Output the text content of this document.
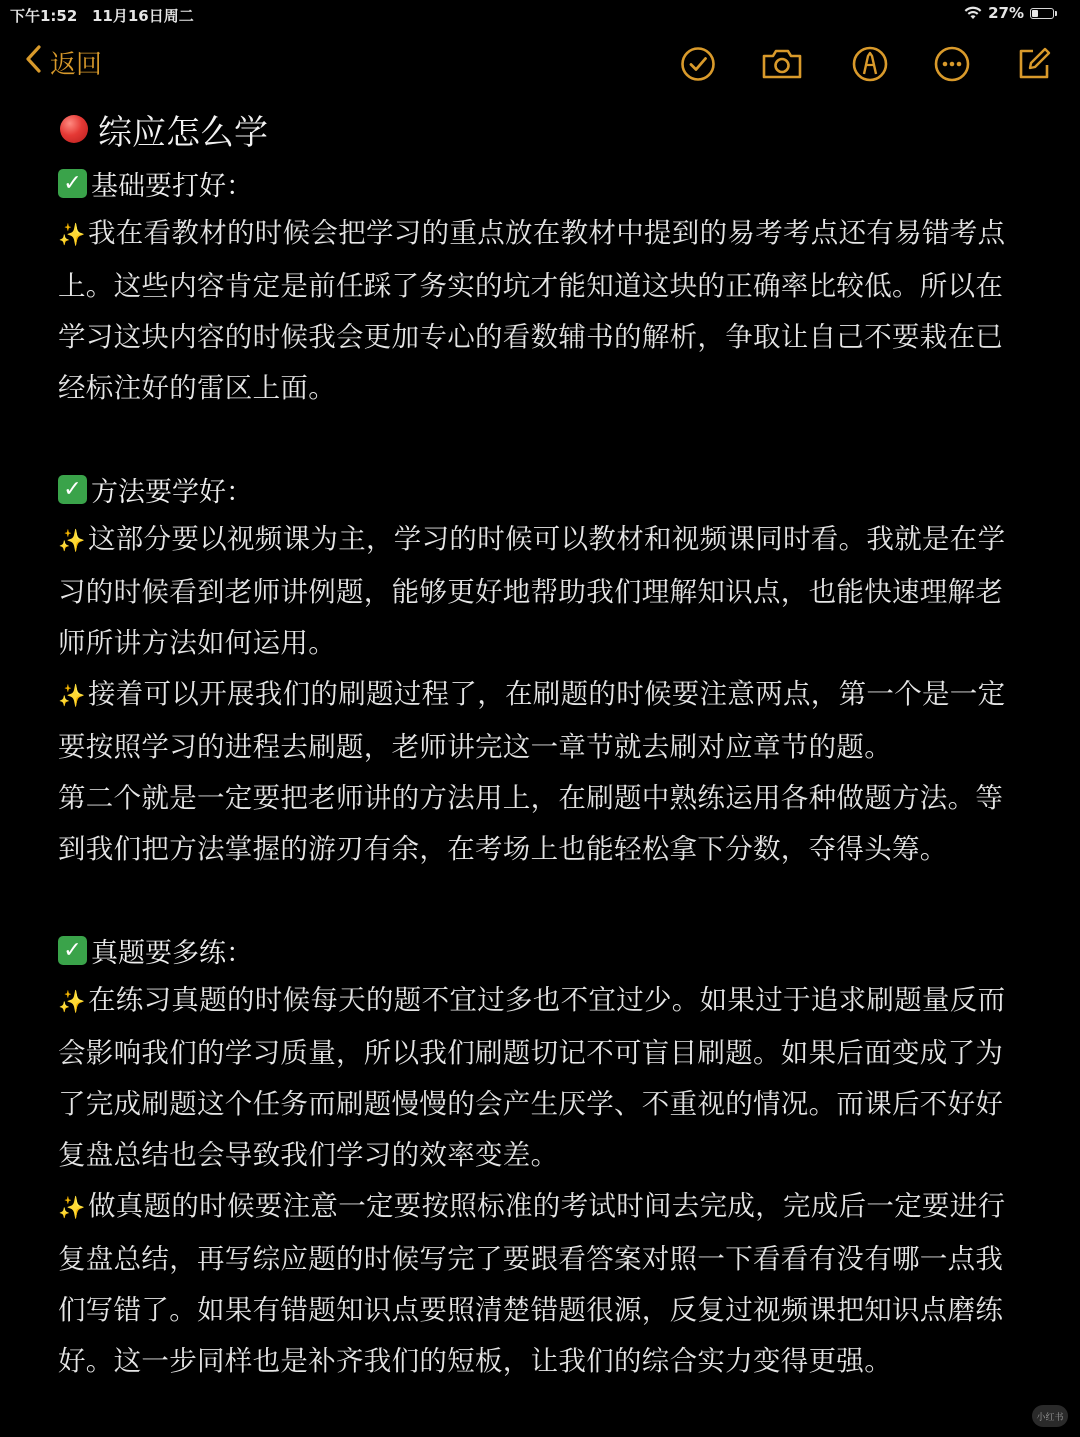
下午1:52 11月16日周二	27%
返回
综应怎么学
✓ 基础要打好：

✨我在看教材的时候会把学习的重点放在教材中提到的易考考点还有易错考点上。这些内容肯定是前任踩了务实的坑才能知道这块的正确率比较低。所以在学习这块内容的时候我会更加专心的看数辅书的解析，争取让自己不要栽在已经标注好的雷区上面。

✓ 方法要学好：

✨这部分要以视频课为主，学习的时候可以教材和视频课同时看。我就是在学习的时候看到老师讲例题，能够更好地帮助我们理解知识点，也能快速理解老师所讲方法如何运用。

✨接着可以开展我们的刷题过程了，在刷题的时候要注意两点，第一个是一定要按照学习的进程去刷题，老师讲完这一章节就去刷对应章节的题。

第二个就是一定要把老师讲的方法用上，在刷题中熟练运用各种做题方法。等到我们把方法掌握的游刃有余，在考场上也能轻松拿下分数，夺得头筹。

✓ 真题要多练：

✨在练习真题的时候每天的题不宜过多也不宜过少。如果过于追求刷题量反而会影响我们的学习质量，所以我们刷题切记不可盲目刷题。如果后面变成了为了完成刷题这个任务而刷题慢慢的会产生厌学、不重视的情况。而课后不好好复盘总结也会导致我们学习的效率变差。

✨做真题的时候要注意一定要按照标准的考试时间去完成，完成后一定要进行复盘总结，再写综应题的时候写完了要跟看答案对照一下看看有没有哪一点我们写错了。如果有错题知识点要照清楚错题很源，反复过视频课把知识点磨练好。这一步同样也是补齐我们的短板，让我们的综合实力变得更强。

小红书
